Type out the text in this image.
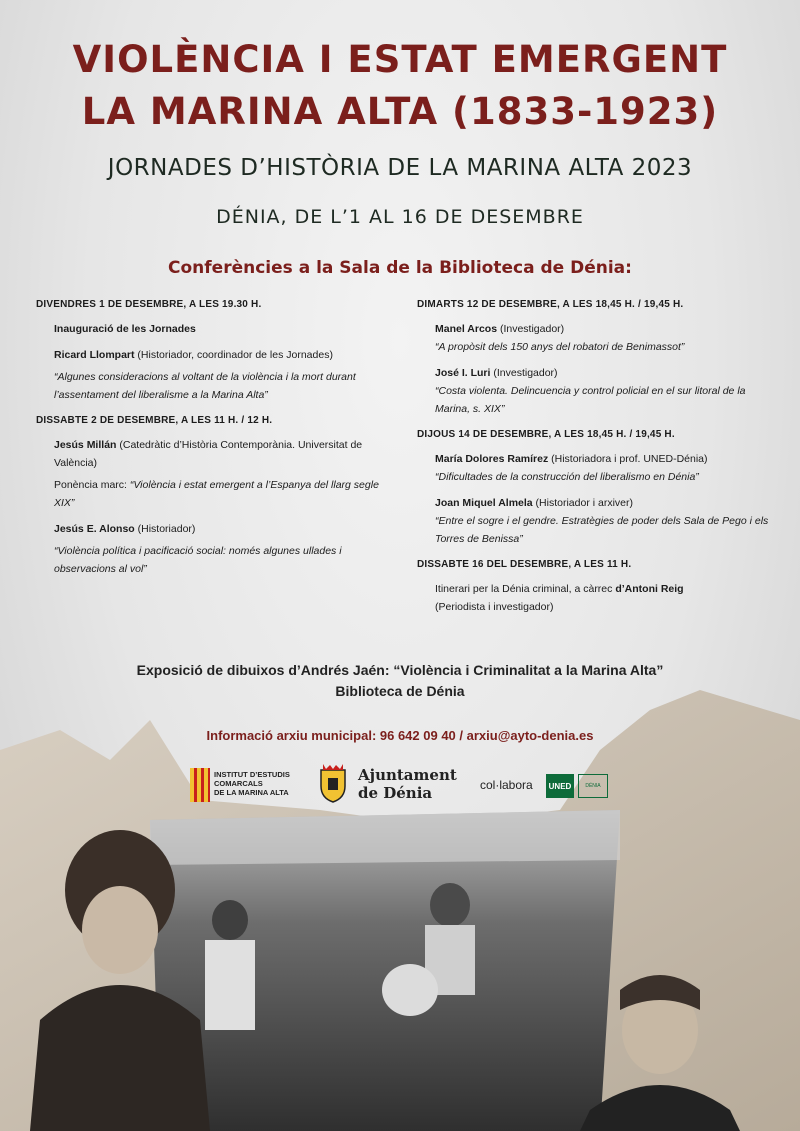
VIOLÈNCIA I ESTAT EMERGENT
LA MARINA ALTA (1833-1923)
JORNADES D’HISTÒRIA DE LA MARINA ALTA 2023
DÉNIA, DE L’1 AL 16 DE DESEMBRE
Conferències a la Sala de la Biblioteca de Dénia:
DIVENDRES 1 DE DESEMBRE, A LES 19.30 H.
Inauguració de les Jornades
Ricard Llompart (Historiador, coordinador de les Jornades)
“Algunes consideracions al voltant de la violència i la mort durant l’assentament del liberalisme a la Marina Alta”
DISSABTE 2 DE DESEMBRE, A LES 11 H. / 12 H.
Jesús Millán (Catedràtic d’Història Contemporània. Universitat de València)
Ponència marc: “Violència i estat emergent a l’Espanya del llarg segle XIX”
Jesús E. Alonso (Historiador)
“Violència política i pacificació social: només algunes ullades i observacions al vol”
DIMARTS 12 DE DESEMBRE, A LES 18,45 H. / 19,45 H.
Manel Arcos (Investigador)
“A propòsit dels 150 anys del robatori de Benimassot”
José I. Luri (Investigador)
“Costa violenta. Delincuencia y control policial en el sur litoral de la Marina, s. XIX”
DIJOUS 14 DE DESEMBRE, A LES 18,45 H. / 19,45 H.
María Dolores Ramírez (Historiadora i prof. UNED-Dénia)
“Dificultades de la construcción del liberalismo en Dénia”
Joan Miquel Almela (Historiador i arxiver)
“Entre el sogre i el gendre. Estratègies de poder dels Sala de Pego i els Torres de Benissa”
DISSABTE 16 DEL DESEMBRE, A LES 11 H.
Itinerari per la Dénia criminal, a càrrec d’Antoni Reig
(Periodista i investigador)
Exposició de dibuixos d’Andrés Jaén: “Violència i Criminalitat a la Marina Alta”
Biblioteca de Dénia
Informació arxiu municipal: 96 642 09 40 / arxiu@ayto-denia.es
INSTITUT D’ESTUDIS
COMARCALS
DE LA MARINA ALTA
Ajuntament
de Dénia	col·labora	UNED	DÉNIA
